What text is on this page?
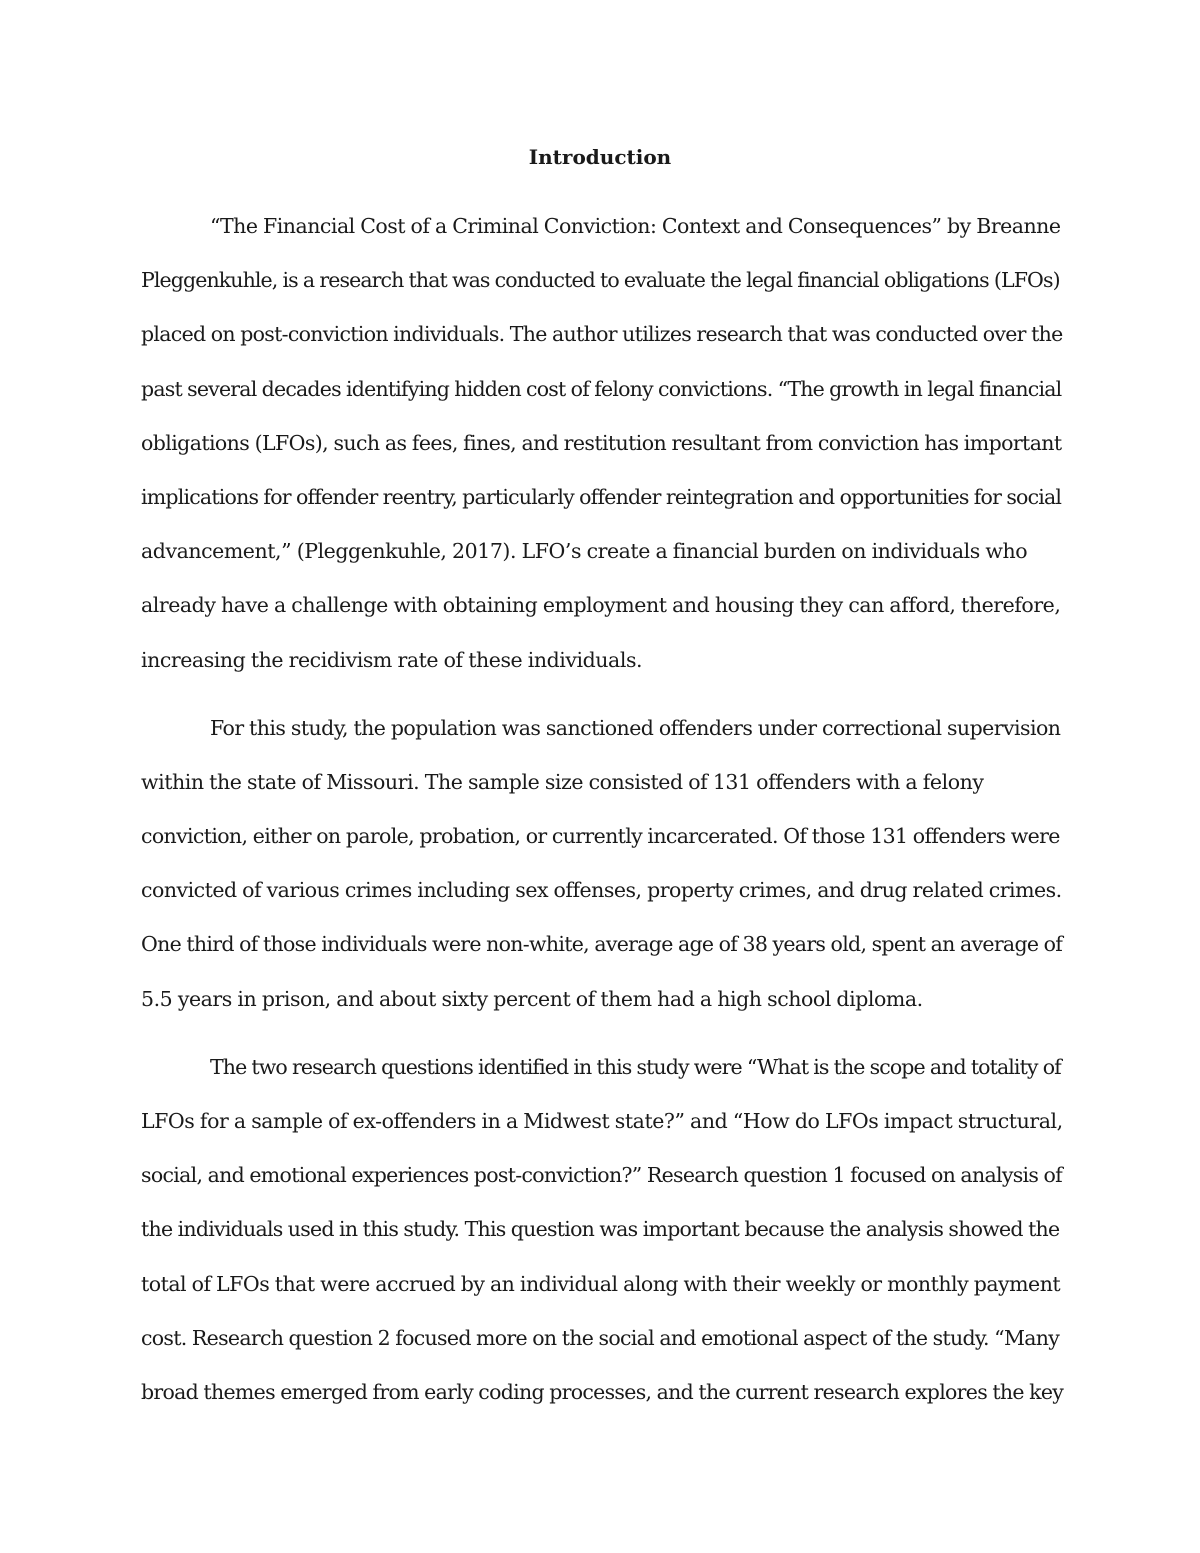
Introduction
“The Financial Cost of a Criminal Conviction: Context and Consequences” by Breanne
Pleggenkuhle, is a research that was conducted to evaluate the legal financial obligations (LFOs)
placed on post-conviction individuals. The author utilizes research that was conducted over the
past several decades identifying hidden cost of felony convictions. “The growth in legal financial
obligations (LFOs), such as fees, fines, and restitution resultant from conviction has important
implications for offender reentry, particularly offender reintegration and opportunities for social
advancement,” (Pleggenkuhle, 2017). LFO’s create a financial burden on individuals who
already have a challenge with obtaining employment and housing they can afford, therefore,
increasing the recidivism rate of these individuals.
For this study, the population was sanctioned offenders under correctional supervision
within the state of Missouri. The sample size consisted of 131 offenders with a felony
conviction, either on parole, probation, or currently incarcerated. Of those 131 offenders were
convicted of various crimes including sex offenses, property crimes, and drug related crimes.
One third of those individuals were non-white, average age of 38 years old, spent an average of
5.5 years in prison, and about sixty percent of them had a high school diploma.
The two research questions identified in this study were “What is the scope and totality of
LFOs for a sample of ex-offenders in a Midwest state?” and “How do LFOs impact structural,
social, and emotional experiences post-conviction?” Research question 1 focused on analysis of
the individuals used in this study. This question was important because the analysis showed the
total of LFOs that were accrued by an individual along with their weekly or monthly payment
cost. Research question 2 focused more on the social and emotional aspect of the study. “Many
broad themes emerged from early coding processes, and the current research explores the key
